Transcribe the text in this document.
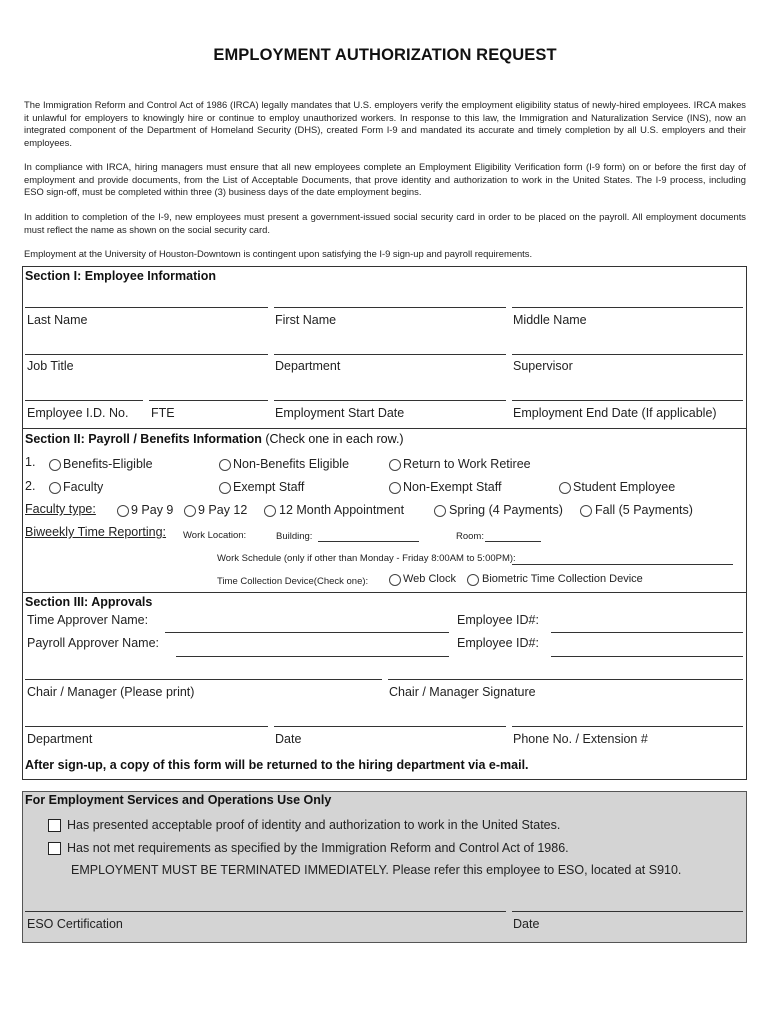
EMPLOYMENT AUTHORIZATION REQUEST
The Immigration Reform and Control Act of 1986 (IRCA) legally mandates that U.S. employers verify the employment eligibility status of newly-hired employees. IRCA makes it unlawful for employers to knowingly hire or continue to employ unauthorized workers. In response to this law, the Immigration and Naturalization Service (INS), now an integrated component of the Department of Homeland Security (DHS), created Form I-9 and mandated its accurate and timely completion by all U.S. employers and their employees.
In compliance with IRCA, hiring managers must ensure that all new employees complete an Employment Eligibility Verification form (I-9 form) on or before the first day of employment and provide documents, from the List of Acceptable Documents, that prove identity and authorization to work in the United States. The I-9 process, including ESO sign-off, must be completed within three (3) business days of the date employment begins.
In addition to completion of the I-9, new employees must present a government-issued social security card in order to be placed on the payroll. All employment documents must reflect the name as shown on the social security card.
Employment at the University of Houston-Downtown is contingent upon satisfying the I-9 sign-up and payroll requirements.
Section I: Employee Information
Last Name	First Name	Middle Name
Job Title	Department	Supervisor
Employee I.D. No. FTE	Employment Start Date	Employment End Date (If applicable)
Section II: Payroll / Benefits Information (Check one in each row.)
1. Benefits-Eligible	Non-Benefits Eligible	Return to Work Retiree
2. Faculty	Exempt Staff	Non-Exempt Staff	Student Employee
Faculty type:	9 Pay 9 9 Pay 12	12 Month Appointment	Spring (4 Payments)	Fall (5 Payments)
Biweekly Time Reporting: Work Location:	Building:	Room:
Work Schedule (only if other than Monday - Friday 8:00AM to 5:00PM):
Time Collection Device(Check one):	Web Clock Biometric Time Collection Device
Section III: Approvals
Time Approver Name:	Employee ID#:
Payroll Approver Name:	Employee ID#:
Chair / Manager (Please print)	Chair / Manager Signature
Department	Date	Phone No. / Extension #
After sign-up, a copy of this form will be returned to the hiring department via e-mail.
For Employment Services and Operations Use Only
Has presented acceptable proof of identity and authorization to work in the United States.
Has not met requirements as specified by the Immigration Reform and Control Act of 1986.
EMPLOYMENT MUST BE TERMINATED IMMEDIATELY. Please refer this employee to ESO, located at S910.
ESO Certification	Date
